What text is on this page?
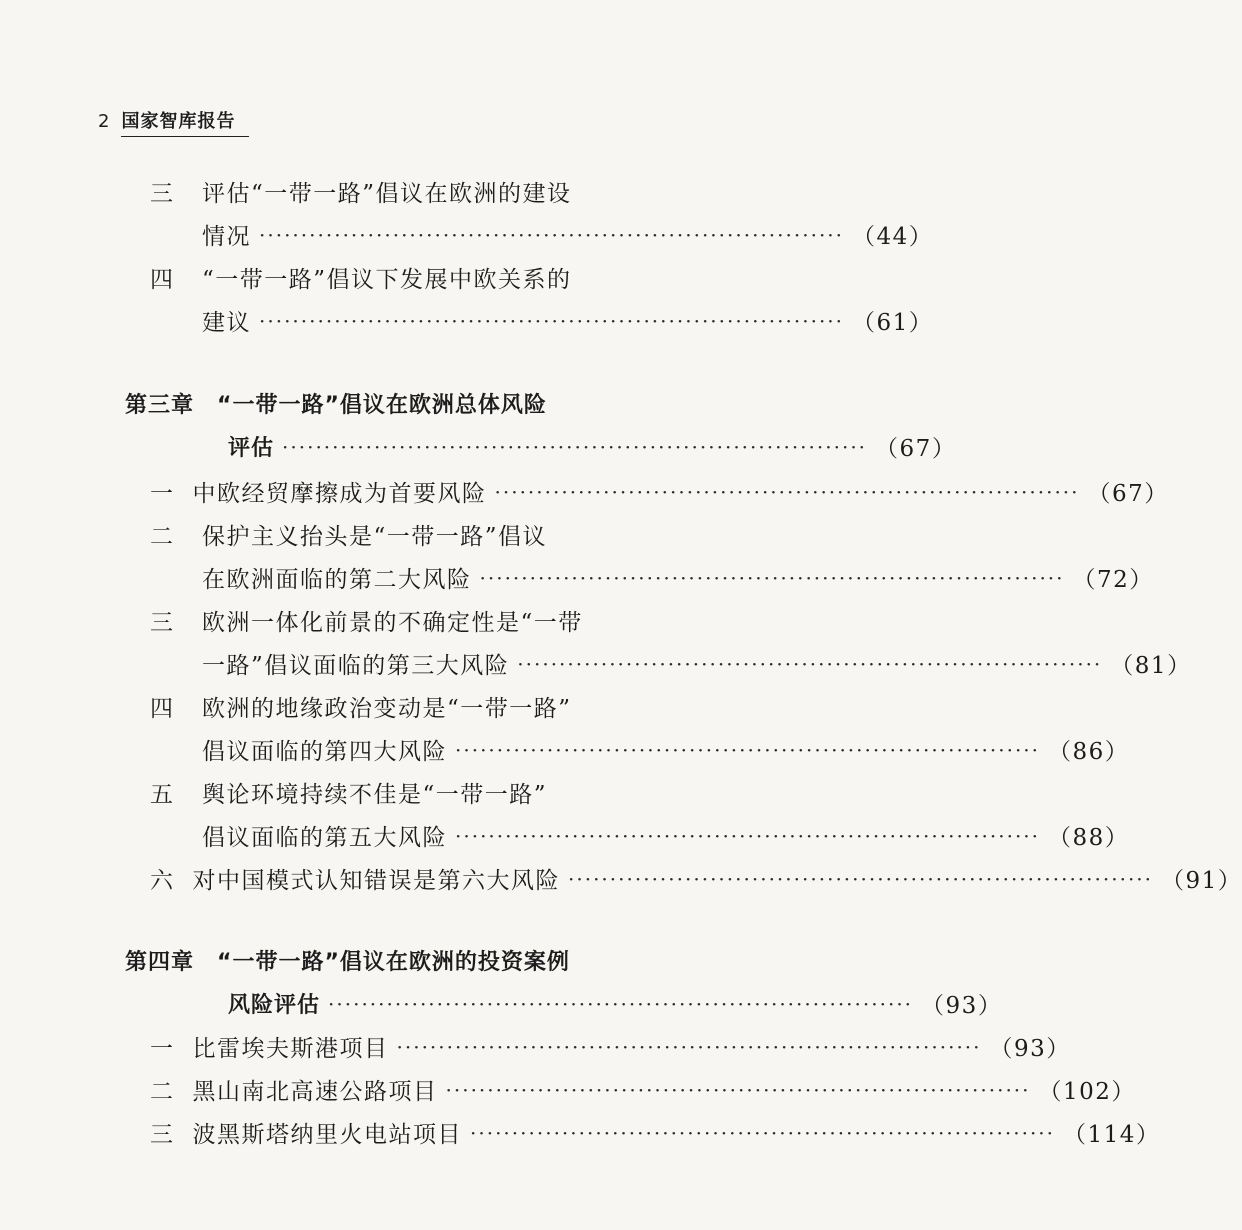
2 国家智库报告
三	评估“一带一路”倡议在欧洲的建设
情况 ······································································ （44）
四	“一带一路”倡议下发展中欧关系的
建议 ······································································ （61）
第三章　“一带一路”倡议在欧洲总体风险
评估 ······································································ （67）
一 中欧经贸摩擦成为首要风险 ······································································ （67）
二	保护主义抬头是“一带一路”倡议
在欧洲面临的第二大风险 ······································································ （72）
三	欧洲一体化前景的不确定性是“一带
一路”倡议面临的第三大风险 ······································································ （81）
四	欧洲的地缘政治变动是“一带一路”
倡议面临的第四大风险 ······································································ （86）
五	舆论环境持续不佳是“一带一路”
倡议面临的第五大风险 ······································································ （88）
六 对中国模式认知错误是第六大风险 ······································································ （91）
第四章　“一带一路”倡议在欧洲的投资案例
风险评估 ······································································ （93）
一 比雷埃夫斯港项目 ······································································ （93）
二 黑山南北高速公路项目 ······································································ （102）
三 波黑斯塔纳里火电站项目 ······································································ （114）
